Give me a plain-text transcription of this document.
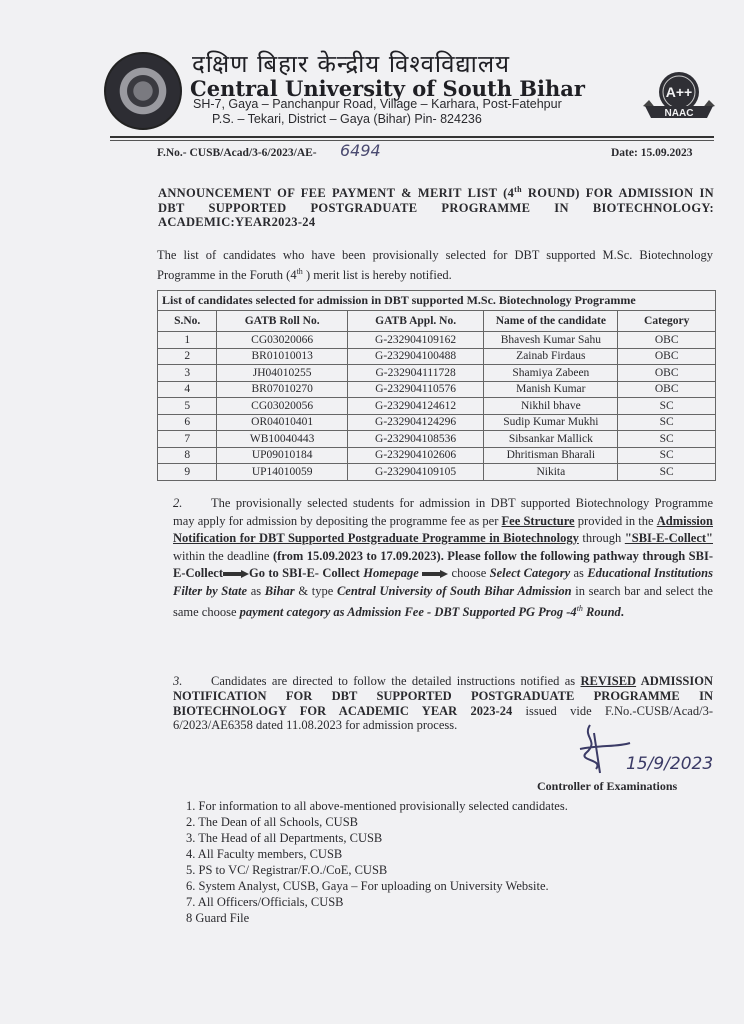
दक्षिण बिहार केन्द्रीय विश्वविद्यालय
Central University of South Bihar
SH-7, Gaya – Panchanpur Road, Village – Karhara, Post-Fatehpur
P.S. – Tekari, District – Gaya (Bihar) Pin- 824236
A++
NAAC
F.No.- CUSB/Acad/3-6/2023/AE- 6494	Date: 15.09.2023
ANNOUNCEMENT OF FEE PAYMENT & MERIT LIST (4th ROUND) FOR ADMISSION IN DBT SUPPORTED POSTGRADUATE PROGRAMME IN BIOTECHNOLOGY: ACADEMIC:YEAR2023-24
The list of candidates who have been provisionally selected for DBT supported M.Sc. Biotechnology Programme in the Foruth (4th ) merit list is hereby notified.
List of candidates selected for admission in DBT supported M.Sc. Biotechnology Programme				
S.No.	GATB Roll No.	GATB Appl. No.	Name of the candidate	Category
1	CG03020066	G-232904109162	Bhavesh Kumar Sahu	OBC
2	BR01010013	G-232904100488	Zainab Firdaus	OBC
3	JH04010255	G-232904111728	Shamiya Zabeen	OBC
4	BR07010270	G-232904110576	Manish Kumar	OBC
5	CG03020056	G-232904124612	Nikhil bhave	SC
6	OR04010401	G-232904124296	Sudip Kumar Mukhi	SC
7	WB10040443	G-232904108536	Sibsankar Mallick	SC
8	UP09010184	G-232904102606	Dhritisman Bharali	SC
9	UP14010059	G-232904109105	Nikita	SC
2. The provisionally selected students for admission in DBT supported Biotechnology Programme may apply for admission by depositing the programme fee as per Fee Structure provided in the Admission Notification for DBT Supported Postgraduate Programme in Biotechnology through "SBI-E-Collect" within the deadline (from 15.09.2023 to 17.09.2023). Please follow the following pathway through SBI-E-Collect Go to SBI-E- Collect Homepage  choose Select Category as Educational Institutions Filter by State as Bihar & type Central University of South Bihar Admission in search bar and select the same choose payment category as Admission Fee - DBT Supported PG Prog -4th Round.
3. Candidates are directed to follow the detailed instructions notified as REVISED ADMISSION NOTIFICATION FOR DBT SUPPORTED POSTGRADUATE PROGRAMME IN BIOTECHNOLOGY FOR ACADEMIC YEAR 2023-24 issued vide F.No.-CUSB/Acad/3-6/2023/AE6358 dated 11.08.2023 for admission process.
15/9/2023
Controller of Examinations
1. For information to all above-mentioned provisionally selected candidates.
2. The Dean of all Schools, CUSB
3. The Head of all Departments, CUSB
4. All Faculty members, CUSB
5. PS to VC/ Registrar/F.O./CoE, CUSB
6. System Analyst, CUSB, Gaya – For uploading on University Website.
7. All Officers/Officials, CUSB
8 Guard File
